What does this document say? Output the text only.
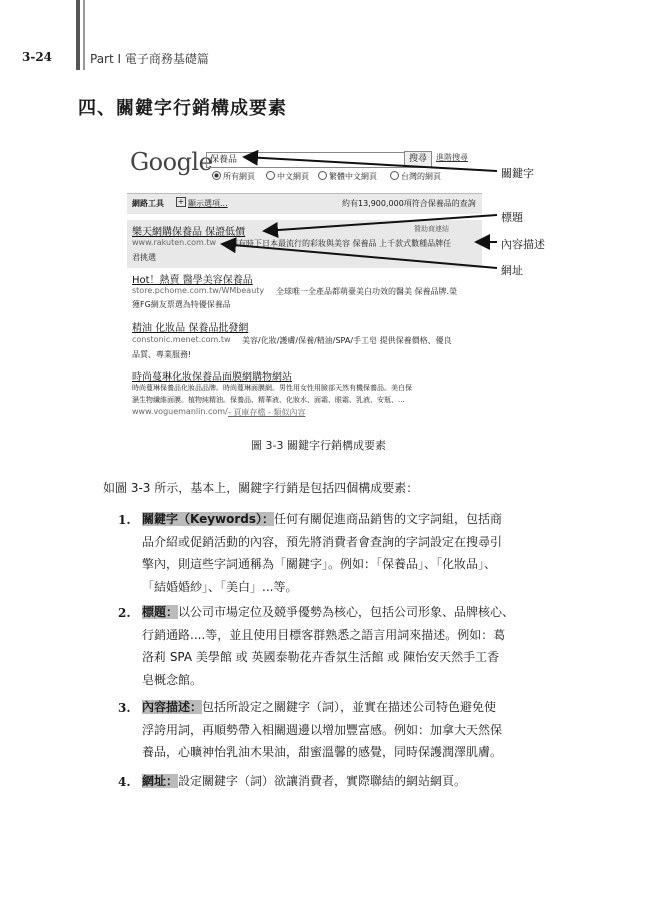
3-24	Part I 電子商務基礎篇
四、關鍵字行銷構成要素
Google
保養品	搜尋	進階搜尋
所有網頁	中文網頁	繁體中文網頁	台灣的網頁
網路工具 + 顯示選項...	約有13,900,000項符合保養品的查詢
贊助商連結
樂天網購保養品 保證低價
www.rakuten.com.tw 擁有時下日本最流行的彩妝與美容 保養品 上千款式數種品牌任
君挑選
Hot！熱賣 醫學美容保養品
store.pchome.com.tw/WMbeauty 全球唯一全產品都萌臺美白功效的醫美 保養品牌.榮
獲FG網友票選為特優保養品
精油 化妝品 保養品批發網
constonic.menet.com.tw 美容/化妝/護膚/保養/精油/SPA/手工皂 提供保養價格、優良
品質、專業服務!
時尚蔓琳化妝保養品面膜網購物網站
時尚蔓琳保養品化妝品品牌。時尚蔓琳面膜網。男性用女性用臉部天然有機保養品。美白保
濕生物纖維面膜。植物純精油。保養品、精華液、化妝水、面霜、眼霜、乳液、安瓶、...
www.voguemanlin.com/ - 頁庫存檔 - 類似內容
關鍵字
標題
內容描述
網址
圖 3-3 關鍵字行銷構成要素
如圖 3-3 所示，基本上，關鍵字行銷是包括四個構成要素：
1. 關鍵字（Keywords）：任何有關促進商品銷售的文字詞組，包括商
品介紹或促銷活動的內容，預先將消費者會查詢的字詞設定在搜尋引
擎內，則這些字詞通稱為「關鍵字」。例如：「保養品」、「化妝品」、
「結婚婚紗」、「美白」...等。
2. 標題：以公司市場定位及競爭優勢為核心，包括公司形象、品牌核心、
行銷通路....等，並且使用目標客群熟悉之語言用詞來描述。例如：葛
洛莉 SPA 美學館 或 英國泰勒花卉香氛生活館 或 陳怡安天然手工香
皂概念館。
3. 內容描述：包括所設定之關鍵字（詞），並實在描述公司特色避免使
浮誇用詞，再順勢帶入相關週邊以增加豐富感。例如：加拿大天然保
養品，心曠神怡乳油木果油，甜蜜溫馨的感覺，同時保護潤澤肌膚。
4. 網址：設定關鍵字（詞）欲讓消費者，實際聯結的網站網頁。
